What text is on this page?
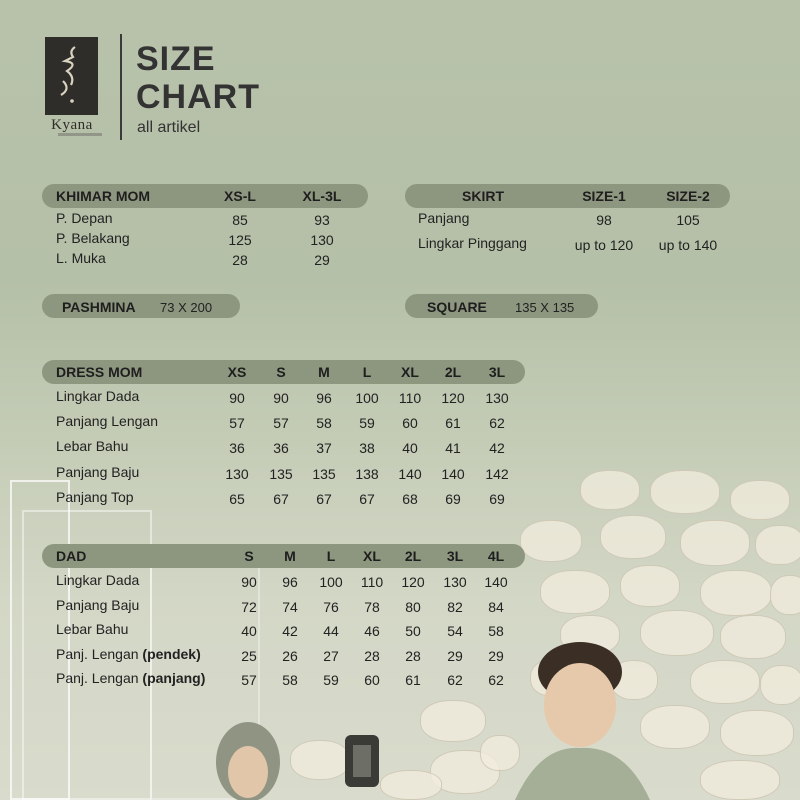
Kyana
SIZE
CHART
all artikel
KHIMAR MOM	XS-L	XL-3L
P. Depan	85	93
P. Belakang	125	130
L. Muka	28	29
SKIRT	SIZE-1	SIZE-2
Panjang	98	105
Lingkar Pinggang	up to 120	up to 140
PASHMINA 73 X 200	SQUARE 135 X 135
DRESS MOM	XS	S	M	L	XL	2L	3L
Lingkar Dada	90	90	96	100	110	120	130
Panjang Lengan	57	57	58	59	60	61	62
Lebar Bahu	36	36	37	38	40	41	42
Panjang Baju	130	135	135	138	140	140	142
Panjang Top	65	67	67	67	68	69	69
DAD	S	M	L	XL	2L	3L	4L
Lingkar Dada	90	96	100	110	120	130	140
Panjang Baju	72	74	76	78	80	82	84
Lebar Bahu	40	42	44	46	50	54	58
Panj. Lengan (pendek)	25	26	27	28	28	29	29
Panj. Lengan (panjang)	57	58	59	60	61	62	62
